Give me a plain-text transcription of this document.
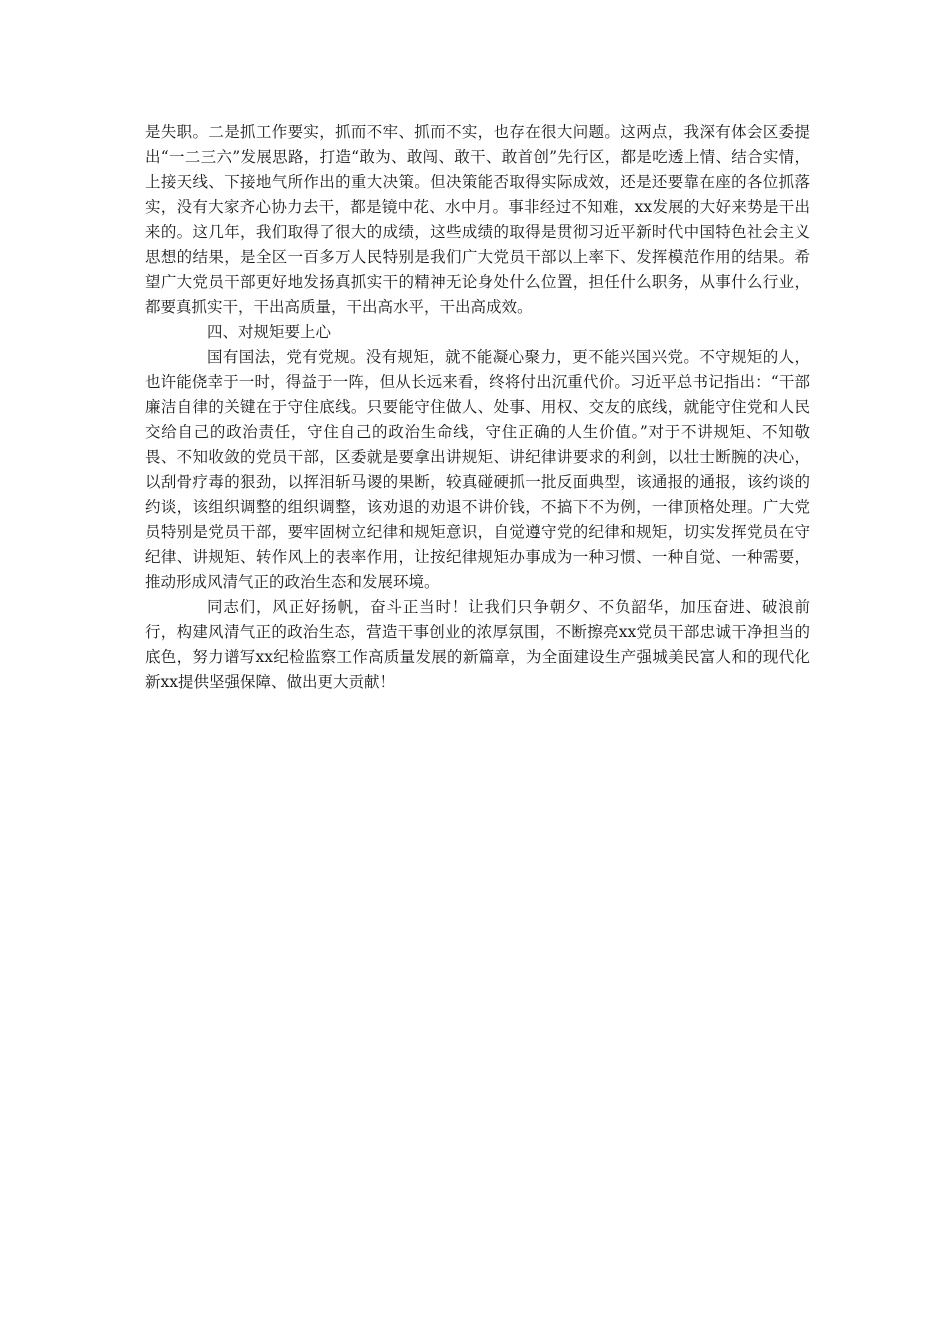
是失职。二是抓工作要实，抓而不牢、抓而不实，也存在很大问题。这两点，我深有体会区委提出“一二三六”发展思路，打造“敢为、敢闯、敢干、敢首创”先行区，都是吃透上情、结合实情，上接天线、下接地气所作出的重大决策。但决策能否取得实际成效，还是还要靠在座的各位抓落实，没有大家齐心协力去干，都是镜中花、水中月。事非经过不知难，xx发展的大好来势是干出来的。这几年，我们取得了很大的成绩，这些成绩的取得是贯彻习近平新时代中国特色社会主义思想的结果，是全区一百多万人民特别是我们广大党员干部以上率下、发挥模范作用的结果。希望广大党员干部更好地发扬真抓实干的精神无论身处什么位置，担任什么职务，从事什么行业，都要真抓实干，干出高质量，干出高水平，干出高成效。

四、对规矩要上心

国有国法，党有党规。没有规矩，就不能凝心聚力，更不能兴国兴党。不守规矩的人，也许能侥幸于一时，得益于一阵，但从长远来看，终将付出沉重代价。习近平总书记指出：“干部廉洁自律的关键在于守住底线。只要能守住做人、处事、用权、交友的底线，就能守住党和人民交给自己的政治责任，守住自己的政治生命线，守住正确的人生价值。”对于不讲规矩、不知敬畏、不知收敛的党员干部，区委就是要拿出讲规矩、讲纪律讲要求的利剑，以壮士断腕的决心，以刮骨疗毒的狠劲，以挥泪斩马谡的果断，较真碰硬抓一批反面典型，该通报的通报，该约谈的约谈，该组织调整的组织调整，该劝退的劝退不讲价钱，不搞下不为例，一律顶格处理。广大党员特别是党员干部，要牢固树立纪律和规矩意识，自觉遵守党的纪律和规矩，切实发挥党员在守纪律、讲规矩、转作风上的表率作用，让按纪律规矩办事成为一种习惯、一种自觉、一种需要，推动形成风清气正的政治生态和发展环境。

同志们，风正好扬帆，奋斗正当时！让我们只争朝夕、不负韶华，加压奋进、破浪前行，构建风清气正的政治生态，营造干事创业的浓厚氛围，不断擦亮xx党员干部忠诚干净担当的底色，努力谱写xx纪检监察工作高质量发展的新篇章，为全面建设生产强城美民富人和的现代化新xx提供坚强保障、做出更大贡献！
